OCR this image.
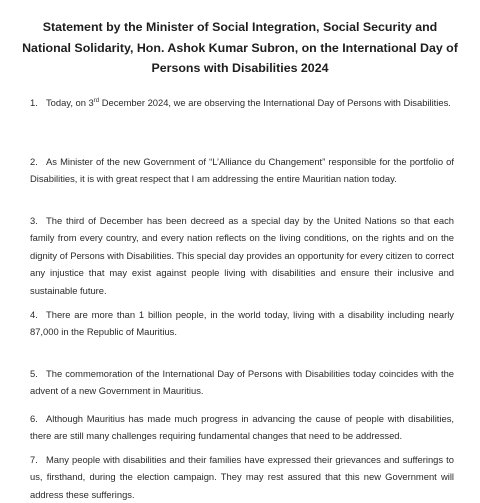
Statement by the Minister of Social Integration, Social Security and National Solidarity, Hon. Ashok Kumar Subron, on the International Day of Persons with Disabilities 2024
1. Today, on 3rd December 2024, we are observing the International Day of Persons with Disabilities.
2. As Minister of the new Government of “L’Alliance du Changement” responsible for the portfolio of Disabilities, it is with great respect that I am addressing the entire Mauritian nation today.
3. The third of December has been decreed as a special day by the United Nations so that each family from every country, and every nation reflects on the living conditions, on the rights and on the dignity of Persons with Disabilities. This special day provides an opportunity for every citizen to correct any injustice that may exist against people living with disabilities and ensure their inclusive and sustainable future.
4. There are more than 1 billion people, in the world today, living with a disability including nearly 87,000 in the Republic of Mauritius.
5. The commemoration of the International Day of Persons with Disabilities today coincides with the advent of a new Government in Mauritius.
6. Although Mauritius has made much progress in advancing the cause of people with disabilities, there are still many challenges requiring fundamental changes that need to be addressed.
7. Many people with disabilities and their families have expressed their grievances and sufferings to us, firsthand, during the election campaign. They may rest assured that this new Government will address these sufferings.
